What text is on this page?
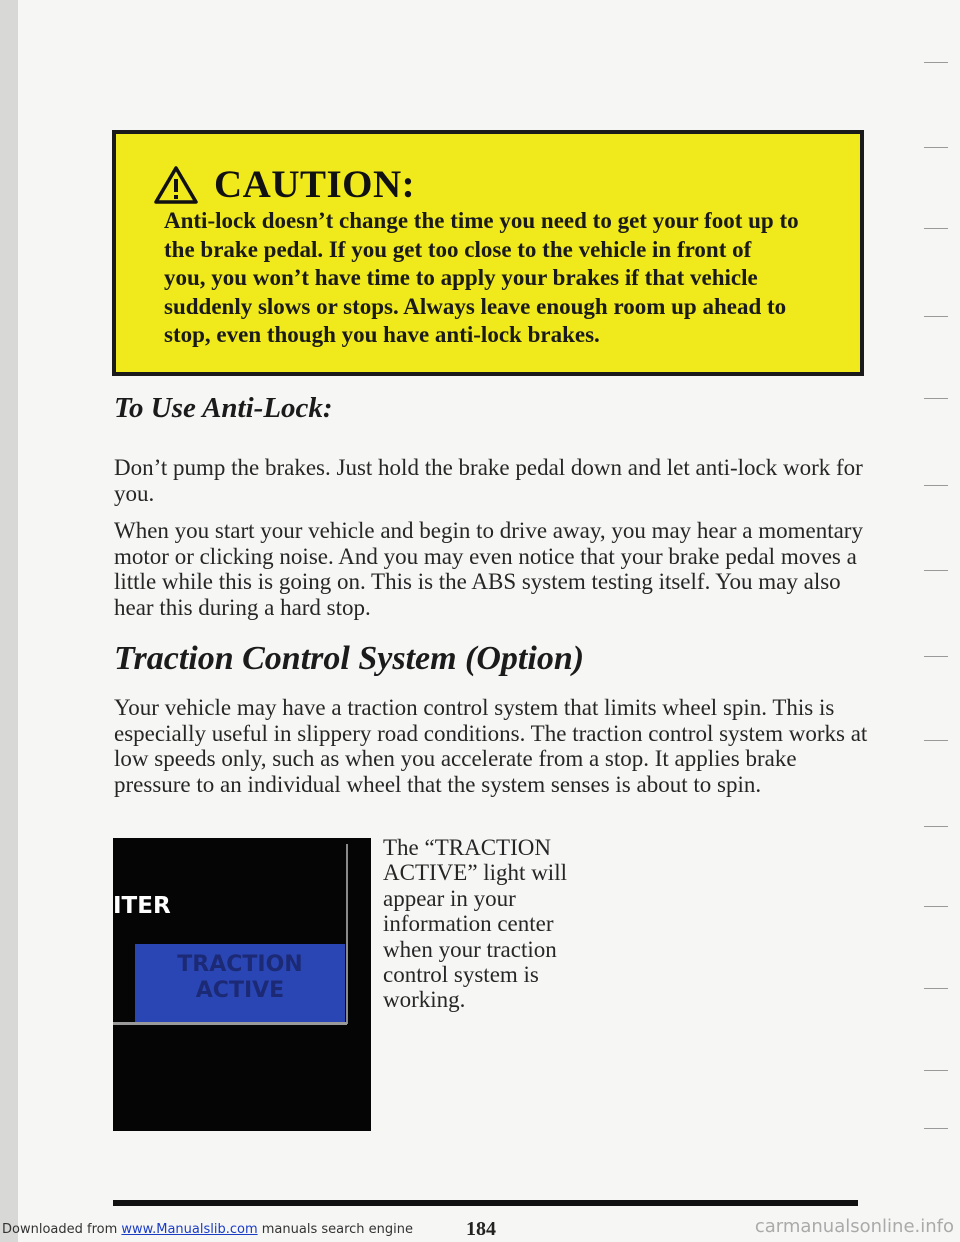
CAUTION:
Anti-lock doesn’t change the time you need to get your foot up to
the brake pedal. If you get too close to the vehicle in front of
you, you won’t have time to apply your brakes if that vehicle
suddenly slows or stops. Always leave enough room up ahead to
stop, even though you have anti-lock brakes.
To Use Anti-Lock:

Don’t pump the brakes. Just hold the brake pedal down and let anti-lock work for you.

When you start your vehicle and begin to drive away, you may hear a momentary motor or clicking noise. And you may even notice that your brake pedal moves a little while this is going on. This is the ABS system testing itself. You may also hear this during a hard stop.

Traction Control System (Option)

Your vehicle may have a traction control system that limits wheel spin. This is especially useful in slippery road conditions. The traction control system works at low speeds only, such as when you accelerate from a stop. It applies brake pressure to an individual wheel that the system senses is about to spin.

ITER
TRACTION
ACTIVE

The “TRACTION ACTIVE” light will appear in your information center when your traction control system is working.

184
Downloaded from www.Manualslib.com manuals search engine	carmanualsonline.info
